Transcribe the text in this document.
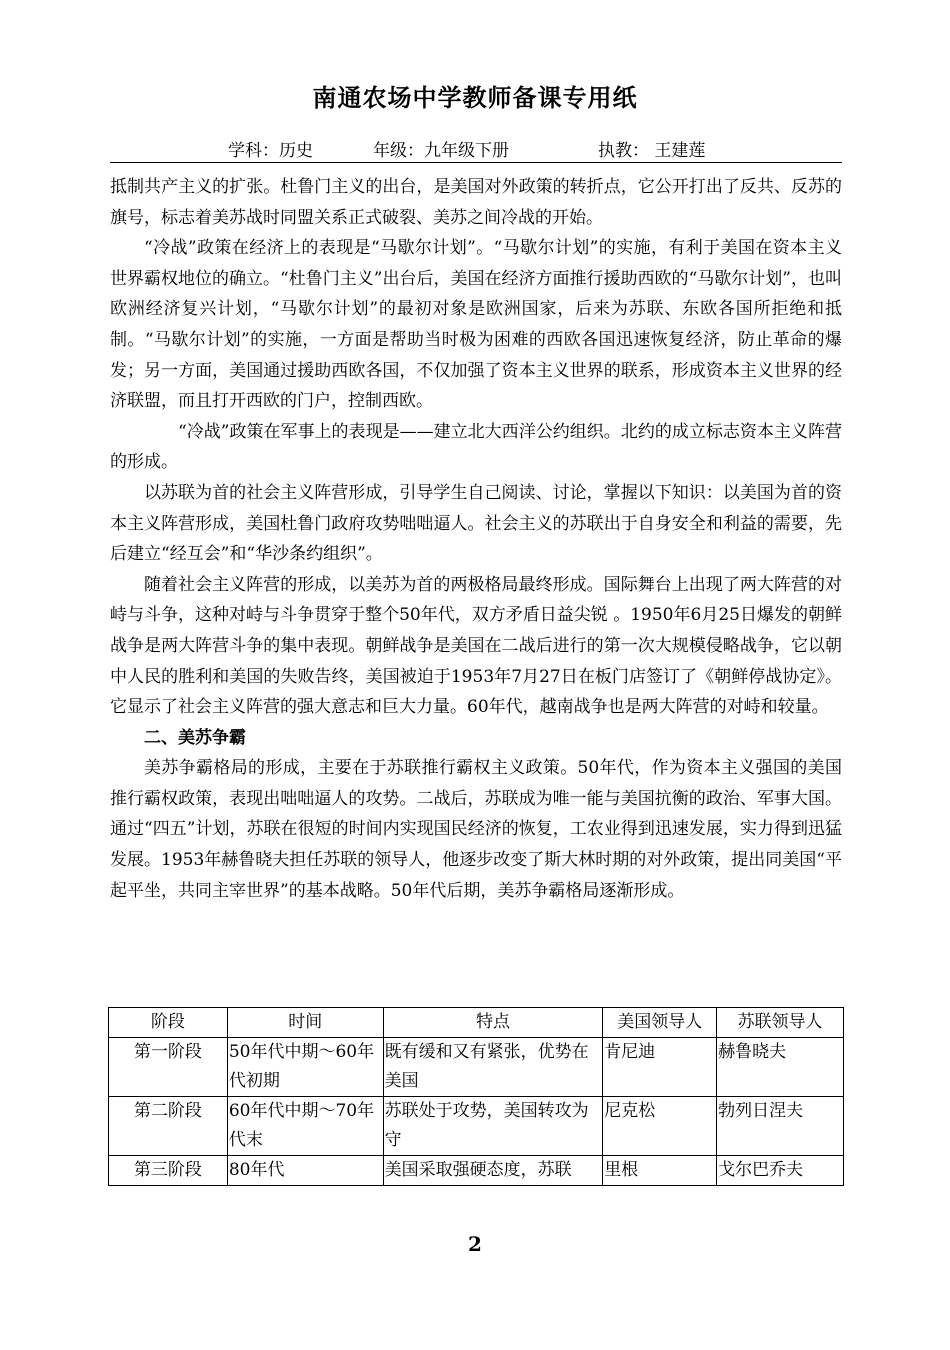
南通农场中学教师备课专用纸
学科：历史	年级：九年级下册	执教： 王建莲

抵制共产主义的扩张。杜鲁门主义的出台，是美国对外政策的转折点，它公开打出了反共、反苏的旗号，标志着美苏战时同盟关系正式破裂、美苏之间冷战的开始。

“冷战”政策在经济上的表现是“马歇尔计划”。“马歇尔计划”的实施，有利于美国在资本主义世界霸权地位的确立。“杜鲁门主义”出台后，美国在经济方面推行援助西欧的“马歇尔计划”，也叫欧洲经济复兴计划，“马歇尔计划”的最初对象是欧洲国家，后来为苏联、东欧各国所拒绝和抵制。“马歇尔计划”的实施，一方面是帮助当时极为困难的西欧各国迅速恢复经济，防止革命的爆发；另一方面，美国通过援助西欧各国，不仅加强了资本主义世界的联系，形成资本主义世界的经济联盟，而且打开西欧的门户，控制西欧。

“冷战”政策在军事上的表现是——建立北大西洋公约组织。北约的成立标志资本主义阵营的形成。

以苏联为首的社会主义阵营形成，引导学生自己阅读、讨论，掌握以下知识：以美国为首的资本主义阵营形成，美国杜鲁门政府攻势咄咄逼人。社会主义的苏联出于自身安全和利益的需要，先后建立“经互会”和“华沙条约组织”。

随着社会主义阵营的形成，以美苏为首的两极格局最终形成。国际舞台上出现了两大阵营的对峙与斗争，这种对峙与斗争贯穿于整个50年代，双方矛盾日益尖锐 。1950年6月25日爆发的朝鲜战争是两大阵营斗争的集中表现。朝鲜战争是美国在二战后进行的第一次大规模侵略战争，它以朝中人民的胜利和美国的失败告终，美国被迫于1953年7月27日在板门店签订了《朝鲜停战协定》。它显示了社会主义阵营的强大意志和巨大力量。60年代，越南战争也是两大阵营的对峙和较量。

二、美苏争霸

美苏争霸格局的形成，主要在于苏联推行霸权主义政策。50年代，作为资本主义强国的美国推行霸权政策，表现出咄咄逼人的攻势。二战后，苏联成为唯一能与美国抗衡的政治、军事大国。通过“四五”计划，苏联在很短的时间内实现国民经济的恢复，工农业得到迅速发展，实力得到迅猛发展。1953年赫鲁晓夫担任苏联的领导人，他逐步改变了斯大林时期的对外政策，提出同美国“平起平坐，共同主宰世界”的基本战略。50年代后期，美苏争霸格局逐渐形成。

阶段	时间	特点	美国领导人	苏联领导人
第一阶段	50年代中期～60年代初期	既有缓和又有紧张，优势在美国	肯尼迪	赫鲁晓夫
第二阶段	60年代中期～70年代末	苏联处于攻势，美国转攻为守	尼克松	勃列日涅夫
第三阶段	80年代	美国采取强硬态度，苏联	里根	戈尔巴乔夫
2
